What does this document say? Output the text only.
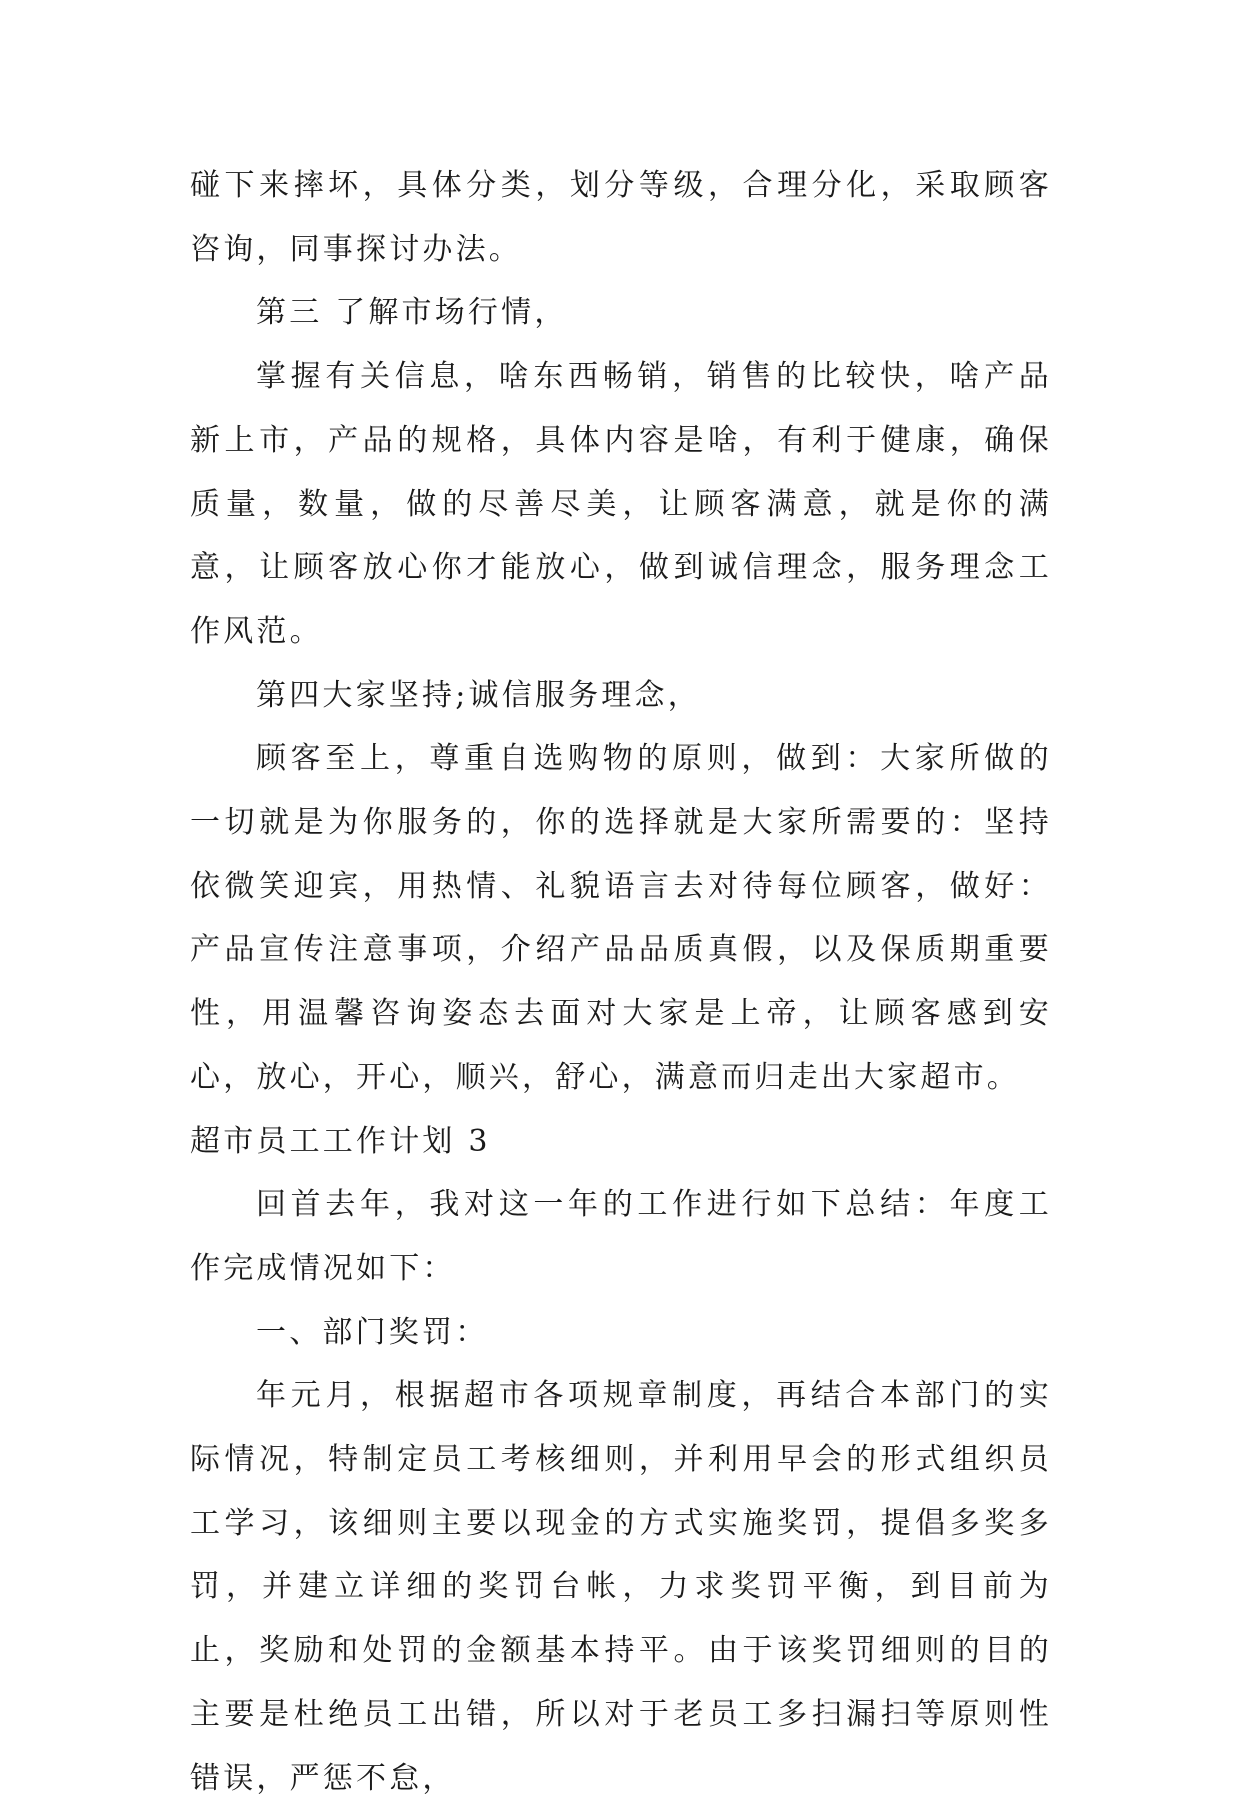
碰下来摔坏，具体分类，划分等级，合理分化，采取顾客咨询，同事探讨办法。

第三 了解市场行情，

掌握有关信息，啥东西畅销，销售的比较快，啥产品新上市，产品的规格，具体内容是啥，有利于健康，确保质量，数量，做的尽善尽美，让顾客满意，就是你的满意，让顾客放心你才能放心，做到诚信理念，服务理念工作风范。

第四大家坚持;诚信服务理念，

顾客至上，尊重自选购物的原则，做到：大家所做的一切就是为你服务的，你的选择就是大家所需要的：坚持依微笑迎宾，用热情、礼貌语言去对待每位顾客，做好：产品宣传注意事项，介绍产品品质真假，以及保质期重要性，用温馨咨询姿态去面对大家是上帝，让顾客感到安心，放心，开心，顺兴，舒心，满意而归走出大家超市。

超市员工工作计划 3

回首去年，我对这一年的工作进行如下总结：年度工作完成情况如下：

一、部门奖罚：

年元月，根据超市各项规章制度，再结合本部门的实际情况，特制定员工考核细则，并利用早会的形式组织员工学习，该细则主要以现金的方式实施奖罚，提倡多奖多罚，并建立详细的奖罚台帐，力求奖罚平衡，到目前为止，奖励和处罚的金额基本持平。由于该奖罚细则的目的主要是杜绝员工出错，所以对于老员工多扫漏扫等原则性错误，严惩不怠，
